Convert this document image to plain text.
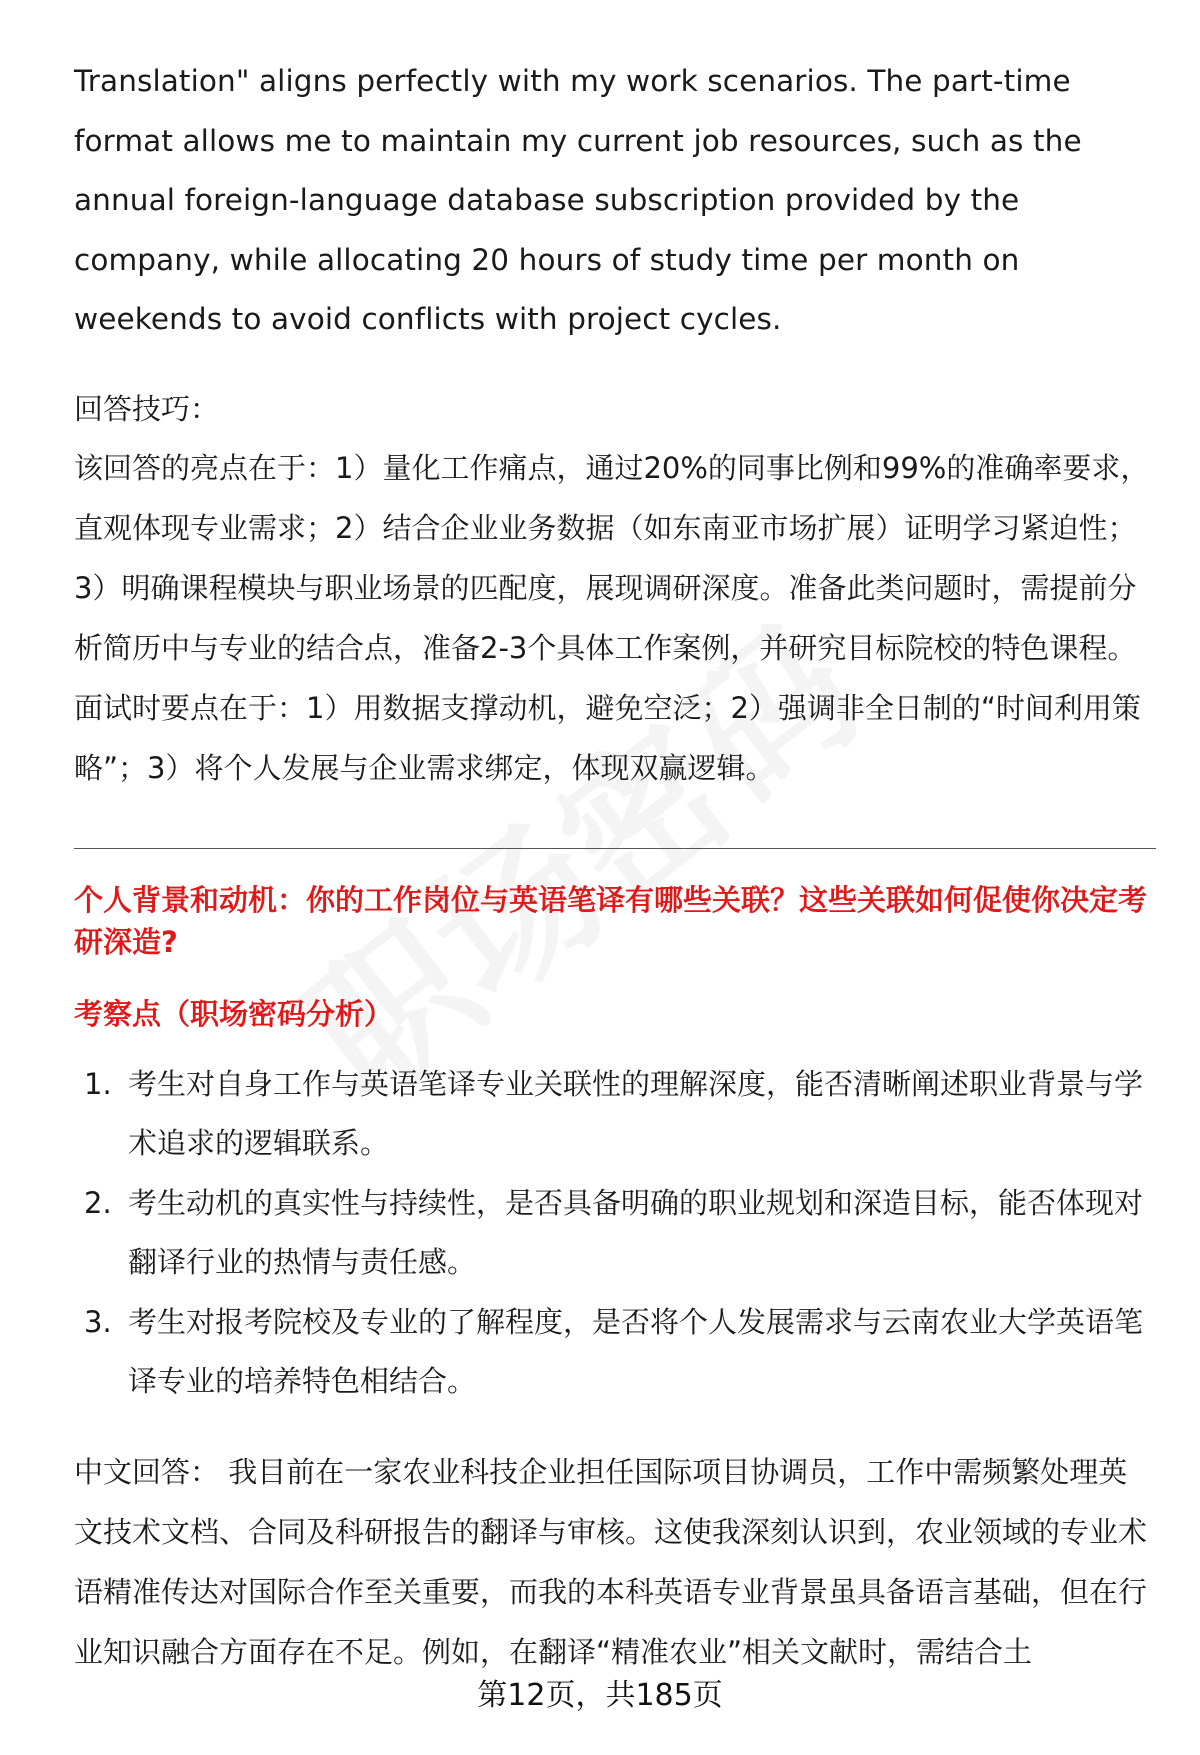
Translation" aligns perfectly with my work scenarios. The part-time format allows me to maintain my current job resources, such as the annual foreign-language database subscription provided by the company, while allocating 20 hours of study time per month on weekends to avoid conflicts with project cycles.

回答技巧：

该回答的亮点在于：1）量化工作痛点，通过20%的同事比例和99%的准确率要求，直观体现专业需求；2）结合企业业务数据（如东南亚市场扩展）证明学习紧迫性；3）明确课程模块与职业场景的匹配度，展现调研深度。准备此类问题时，需提前分析简历中与专业的结合点，准备2-3个具体工作案例，并研究目标院校的特色课程。面试时要点在于：1）用数据支撑动机，避免空泛；2）强调非全日制的“时间利用策略”；3）将个人发展与企业需求绑定，体现双赢逻辑。

个人背景和动机：你的工作岗位与英语笔译有哪些关联？这些关联如何促使你决定考研深造?

考察点（职场密码分析）

1. 考生对自身工作与英语笔译专业关联性的理解深度，能否清晰阐述职业背景与学术追求的逻辑联系。
2. 考生动机的真实性与持续性，是否具备明确的职业规划和深造目标，能否体现对翻译行业的热情与责任感。
3. 考生对报考院校及专业的了解程度，是否将个人发展需求与云南农业大学英语笔译专业的培养特色相结合。

中文回答： 我目前在一家农业科技企业担任国际项目协调员，工作中需频繁处理英文技术文档、合同及科研报告的翻译与审核。这使我深刻认识到，农业领域的专业术语精准传达对国际合作至关重要，而我的本科英语专业背景虽具备语言基础，但在行业知识融合方面存在不足。例如，在翻译“精准农业”相关文献时，需结合土

第12页，共185页
